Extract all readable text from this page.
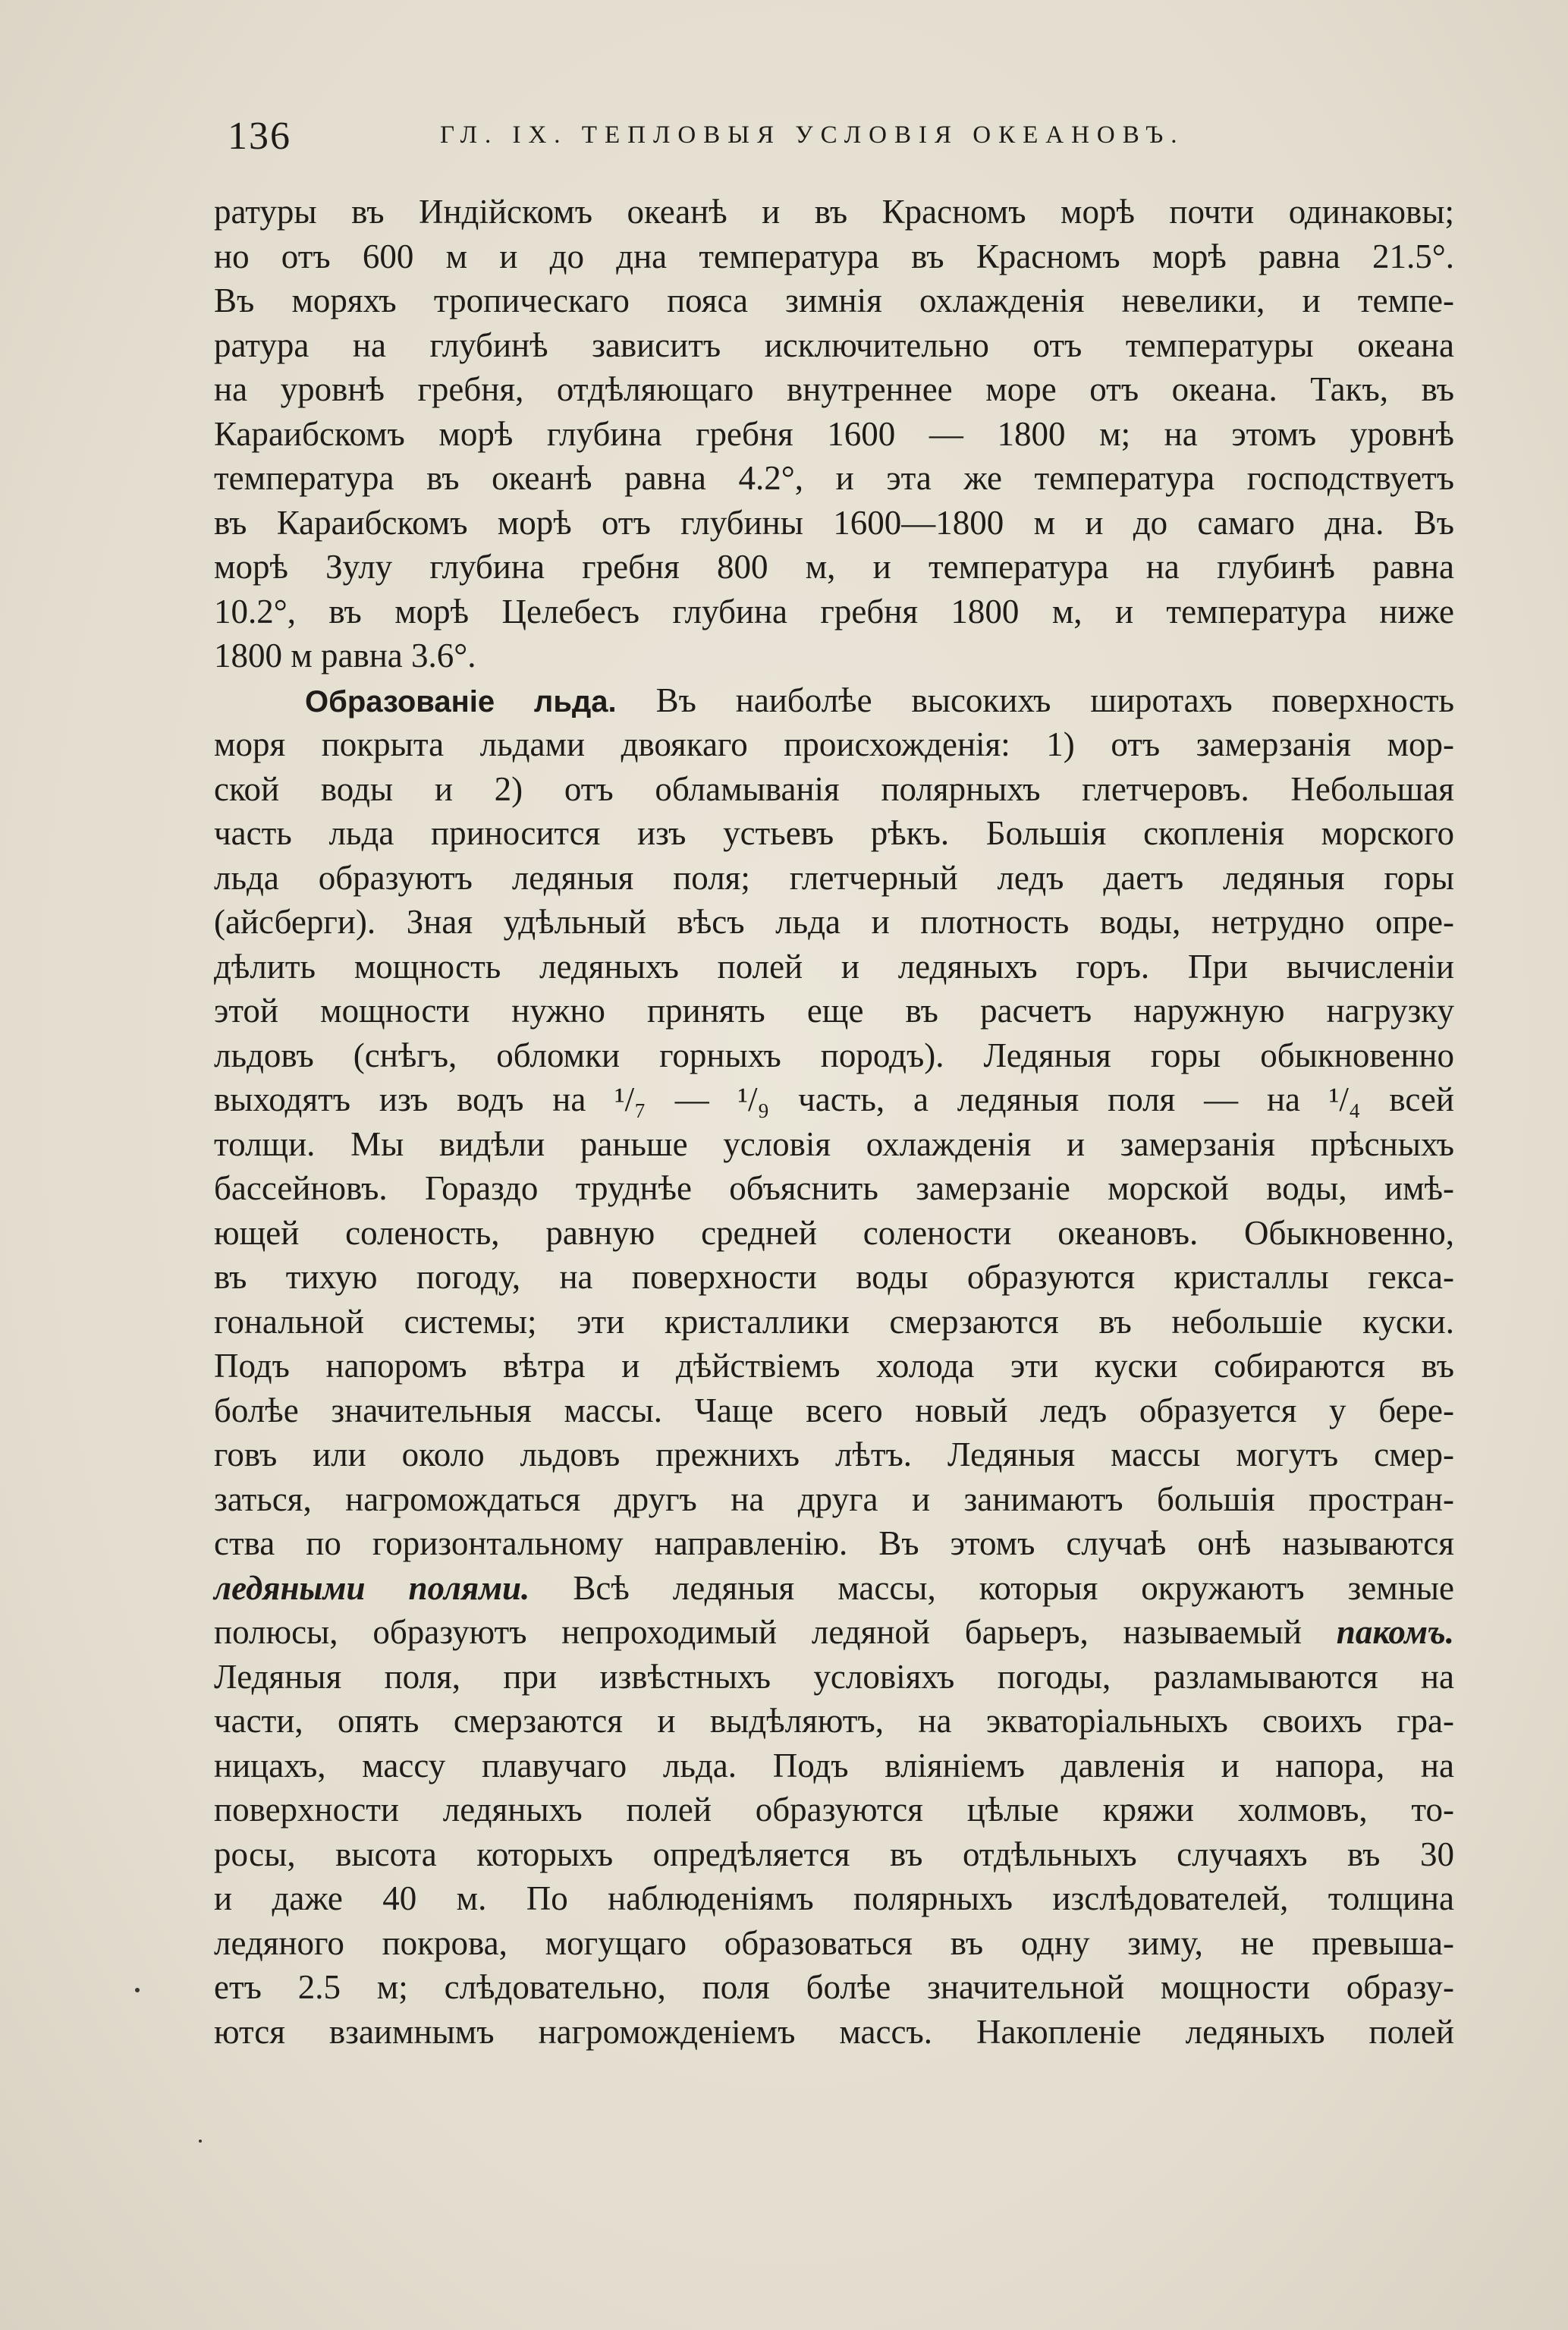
136	ГЛ. IX. ТЕПЛОВЫЯ УСЛОВІЯ ОКЕАНОВЪ.
ратуры въ Индійскомъ океанѣ и въ Красномъ морѣ почти одинаковы;
но отъ 600 м и до дна температура въ Красномъ морѣ равна 21.5°.
Въ моряхъ тропическаго пояса зимнія охлажденія невелики, и темпе-
ратура на глубинѣ зависитъ исключительно отъ температуры океана
на уровнѣ гребня, отдѣляющаго внутреннее море отъ океана. Такъ, въ
Караибскомъ морѣ глубина гребня 1600 — 1800 м; на этомъ уровнѣ
температура въ океанѣ равна 4.2°, и эта же температура господствуетъ
въ Караибскомъ морѣ отъ глубины 1600—1800 м и до самаго дна. Въ
морѣ Зулу глубина гребня 800 м, и температура на глубинѣ равна
10.2°, въ морѣ Целебесъ глубина гребня 1800 м, и температура ниже
1800 м равна 3.6°.
Образованіе льда. Въ наиболѣе высокихъ широтахъ поверхность
моря покрыта льдами двоякаго происхожденія: 1) отъ замерзанія мор-
ской воды и 2) отъ обламыванія полярныхъ глетчеровъ. Небольшая
часть льда приносится изъ устьевъ рѣкъ. Большія скопленія морского
льда образуютъ ледяныя поля; глетчерный ледъ даетъ ледяныя горы
(айсберги). Зная удѣльный вѣсъ льда и плотность воды, нетрудно опре-
дѣлить мощность ледяныхъ полей и ледяныхъ горъ. При вычисленіи
этой мощности нужно принять еще въ расчетъ наружную нагрузку
льдовъ (снѣгъ, обломки горныхъ породъ). Ледяныя горы обыкновенно
выходятъ изъ водъ на ¹/₇ — ¹/₉ часть, а ледяныя поля — на ¹/₄ всей
толщи. Мы видѣли раньше условія охлажденія и замерзанія прѣсныхъ
бассейновъ. Гораздо труднѣе объяснить замерзаніе морской воды, имѣ-
ющей соленость, равную средней солености океановъ. Обыкновенно,
въ тихую погоду, на поверхности воды образуются кристаллы гекса-
гональной системы; эти кристаллики смерзаются въ небольшіе куски.
Подъ напоромъ вѣтра и дѣйствіемъ холода эти куски собираются въ
болѣе значительныя массы. Чаще всего новый ледъ образуется у бере-
говъ или около льдовъ прежнихъ лѣтъ. Ледяныя массы могутъ смер-
заться, нагромождаться другъ на друга и занимаютъ большія простран-
ства по горизонтальному направленію. Въ этомъ случаѣ онѣ называются
ледяными полями. Всѣ ледяныя массы, которыя окружаютъ земные
полюсы, образуютъ непроходимый ледяной барьеръ, называемый пакомъ.
Ледяныя поля, при извѣстныхъ условіяхъ погоды, разламываются на
части, опять смерзаются и выдѣляютъ, на экваторіальныхъ своихъ гра-
ницахъ, массу плавучаго льда. Подъ вліяніемъ давленія и напора, на
поверхности ледяныхъ полей образуются цѣлые кряжи холмовъ, то-
росы, высота которыхъ опредѣляется въ отдѣльныхъ случаяхъ въ 30
и даже 40 м. По наблюденіямъ полярныхъ изслѣдователей, толщина
ледяного покрова, могущаго образоваться въ одну зиму, не превыша-
етъ 2.5 м; слѣдовательно, поля болѣе значительной мощности образу-
ются взаимнымъ нагроможденіемъ массъ. Накопленіе ледяныхъ полей
